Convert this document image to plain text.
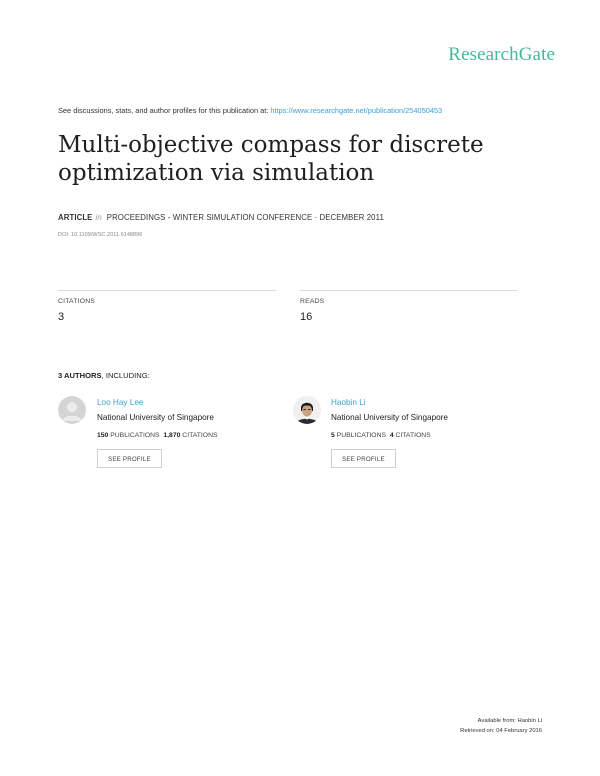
ResearchGate
See discussions, stats, and author profiles for this publication at: https://www.researchgate.net/publication/254050453
Multi-objective compass for discrete optimization via simulation
ARTICLE in PROCEEDINGS - WINTER SIMULATION CONFERENCE · DECEMBER 2011
DOI: 10.1109/WSC.2011.6148896
CITATIONS
3
READS
16
3 AUTHORS, INCLUDING:
Loo Hay Lee
National University of Singapore
150 PUBLICATIONS 1,870 CITATIONS
SEE PROFILE
Haobin Li
National University of Singapore
5 PUBLICATIONS 4 CITATIONS
SEE PROFILE
Available from: Haobin Li
Retrieved on: 04 February 2016
